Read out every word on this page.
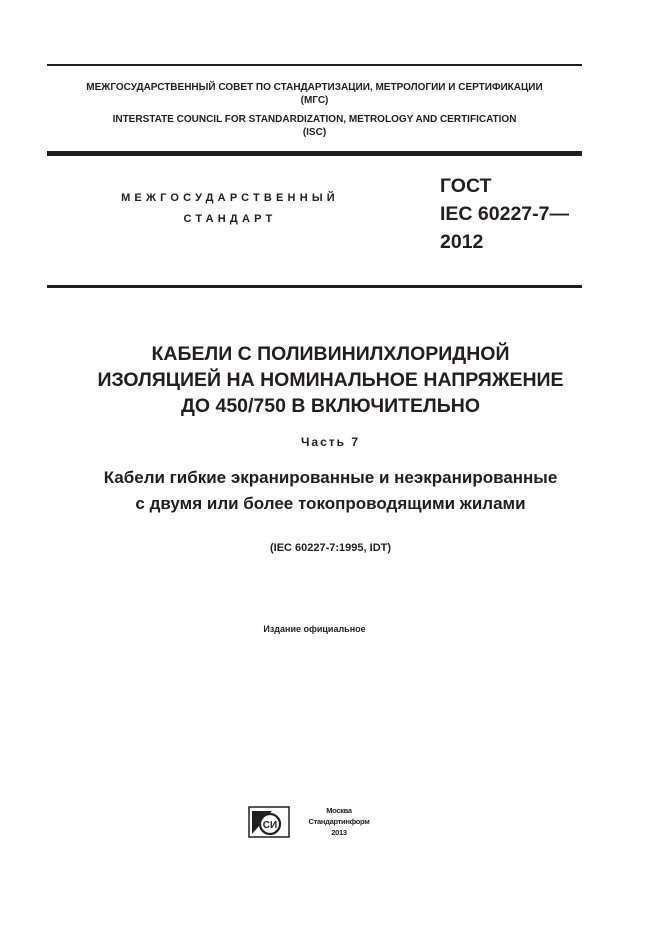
МЕЖГОСУДАРСТВЕННЫЙ СОВЕТ ПО СТАНДАРТИЗАЦИИ, МЕТРОЛОГИИ И СЕРТИФИКАЦИИ
(МГС)
INTERSTATE COUNCIL FOR STANDARDIZATION, METROLOGY AND CERTIFICATION
(ISC)
МЕЖГОСУДАРСТВЕННЫЙ
СТАНДАРТ
ГОСТ
IEC 60227-7—
2012
КАБЕЛИ С ПОЛИВИНИЛХЛОРИДНОЙ
ИЗОЛЯЦИЕЙ НА НОМИНАЛЬНОЕ НАПРЯЖЕНИЕ
ДО 450/750 В ВКЛЮЧИТЕЛЬНО
Часть 7
Кабели гибкие экранированные и неэкранированные
с двумя или более токопроводящими жилами
(IEC 60227-7:1995, IDT)
Издание официальное
СИ
Москва
Стандартинформ
2013
